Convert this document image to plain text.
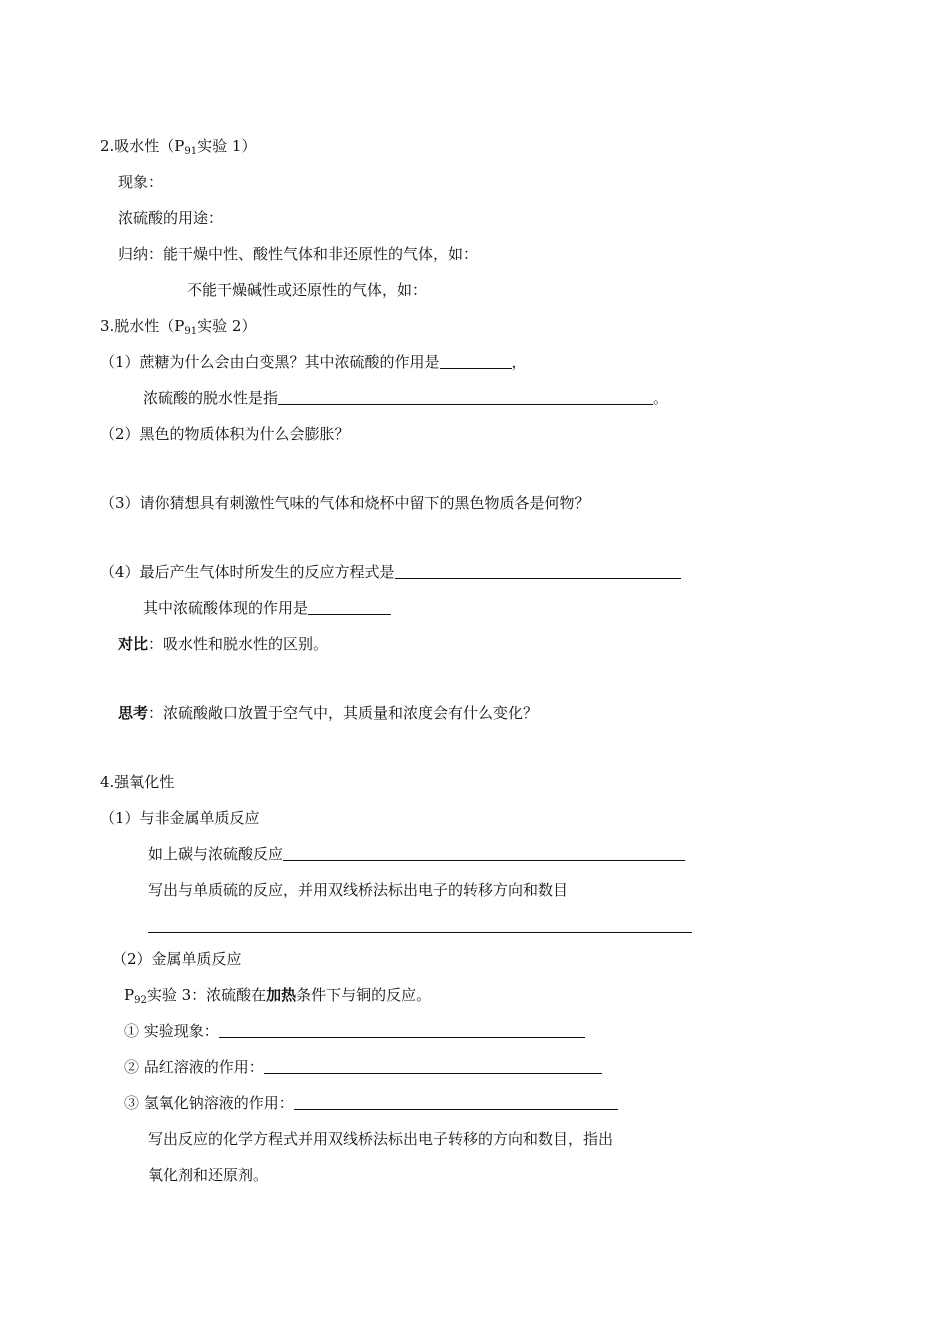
2.吸水性（$P_{91}$实验 1）
现象：
浓硫酸的用途：
归纳：能干燥中性、酸性气体和非还原性的气体，如：
不能干燥碱性或还原性的气体，如：
3.脱水性（$P_{91}$实验 2）
（1）蔗糖为什么会由白变黑？其中浓硫酸的作用是	，
浓硫酸的脱水性是指	。
（2）黑色的物质体积为什么会膨胀？
（3）请你猜想具有刺激性气味的气体和烧杯中留下的黑色物质各是何物？
（4）最后产生气体时所发生的反应方程式是
其中浓硫酸体现的作用是
对比：吸水性和脱水性的区别。
思考：浓硫酸敞口放置于空气中，其质量和浓度会有什么变化？
4.强氧化性
（1）与非金属单质反应
如上碳与浓硫酸反应
写出与单质硫的反应，并用双线桥法标出电子的转移方向和数目
（2）金属单质反应
$P_{92}$实验 3：浓硫酸在加热条件下与铜的反应。
① 实验现象：
② 品红溶液的作用：
③ 氢氧化钠溶液的作用：
写出反应的化学方程式并用双线桥法标出电子转移的方向和数目，指出
氧化剂和还原剂。
